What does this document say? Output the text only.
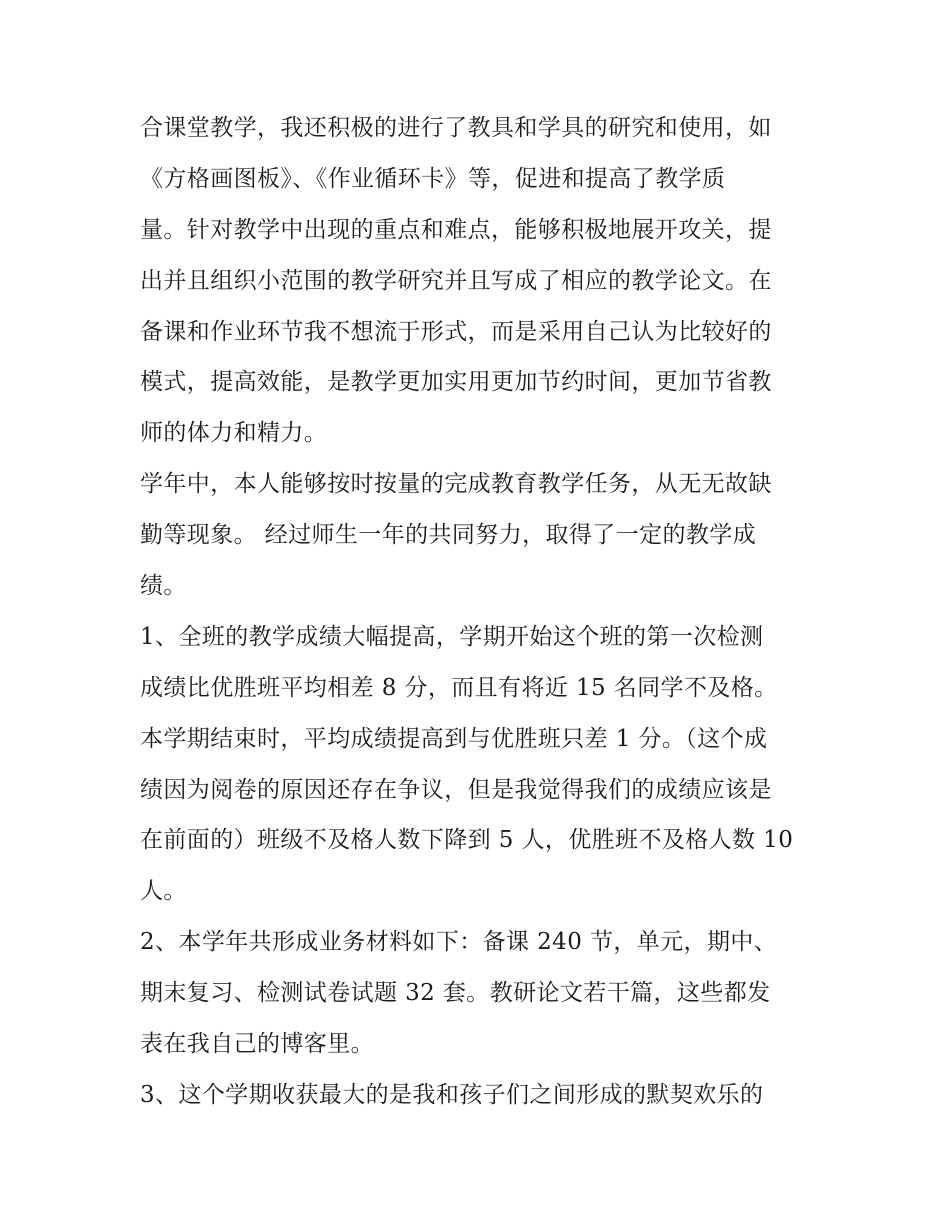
合课堂教学，我还积极的进行了教具和学具的研究和使用，如
《方格画图板》、《作业循环卡》等，促进和提高了教学质
量。针对教学中出现的重点和难点，能够积极地展开攻关，提
出并且组织小范围的教学研究并且写成了相应的教学论文。在
备课和作业环节我不想流于形式，而是采用自己认为比较好的
模式，提高效能，是教学更加实用更加节约时间，更加节省教
师的体力和精力。
学年中，本人能够按时按量的完成教育教学任务，从无无故缺
勤等现象。 经过师生一年的共同努力，取得了一定的教学成
绩。
1、全班的教学成绩大幅提高，学期开始这个班的第一次检测
成绩比优胜班平均相差 8 分，而且有将近 15 名同学不及格。
本学期结束时，平均成绩提高到与优胜班只差 1 分。（这个成
绩因为阅卷的原因还存在争议，但是我觉得我们的成绩应该是
在前面的）班级不及格人数下降到 5 人，优胜班不及格人数 10
人。
2、本学年共形成业务材料如下：备课 240 节，单元，期中、
期末复习、检测试卷试题 32 套。教研论文若干篇，这些都发
表在我自己的博客里。
3、这个学期收获最大的是我和孩子们之间形成的默契欢乐的
